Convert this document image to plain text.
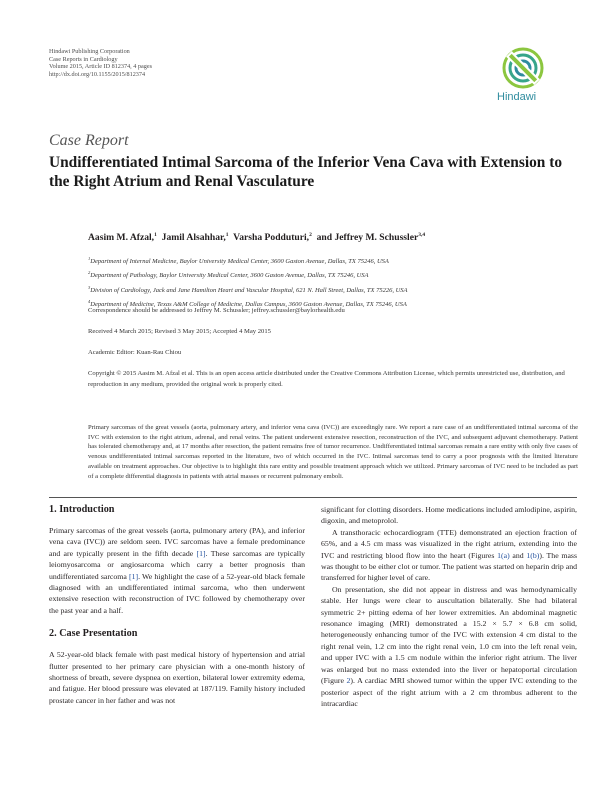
Hindawi Publishing Corporation
Case Reports in Cardiology
Volume 2015, Article ID 812374, 4 pages
http://dx.doi.org/10.1155/2015/812374
Hindawi
Case Report
Undifferentiated Intimal Sarcoma of the Inferior Vena Cava with Extension to the Right Atrium and Renal Vasculature
Aasim M. Afzal,$^1$ Jamil Alsahhar,$^1$ Varsha Podduturi,$^2$ and Jeffrey M. Schussler$^{3,4}$
$^1$Department of Internal Medicine, Baylor University Medical Center, 3600 Gaston Avenue, Dallas, TX 75246, USA
$^2$Department of Pathology, Baylor University Medical Center, 3600 Gaston Avenue, Dallas, TX 75246, USA
$^3$Division of Cardiology, Jack and Jane Hamilton Heart and Vascular Hospital, 621 N. Hall Street, Dallas, TX 75226, USA
$^4$Department of Medicine, Texas A&M College of Medicine, Dallas Campus, 3600 Gaston Avenue, Dallas, TX 75246, USA
Correspondence should be addressed to Jeffrey M. Schussler; jeffrey.schussler@baylorhealth.edu
Received 4 March 2015; Revised 3 May 2015; Accepted 4 May 2015
Academic Editor: Kuan-Rau Chiou
Copyright © 2015 Aasim M. Afzal et al. This is an open access article distributed under the Creative Commons Attribution License, which permits unrestricted use, distribution, and reproduction in any medium, provided the original work is properly cited.
Primary sarcomas of the great vessels (aorta, pulmonary artery, and inferior vena cava (IVC)) are exceedingly rare. We report a rare case of an undifferentiated intimal sarcoma of the IVC with extension to the right atrium, adrenal, and renal veins. The patient underwent extensive resection, reconstruction of the IVC, and subsequent adjuvant chemotherapy. Patient has tolerated chemotherapy and, at 17 months after resection, the patient remains free of tumor recurrence. Undifferentiated intimal sarcomas remain a rare entity with only five cases of venous undifferentiated intimal sarcomas reported in the literature, two of which occurred in the IVC. Intimal sarcomas tend to carry a poor prognosis with the limited literature available on treatment approaches. Our objective is to highlight this rare entity and possible treatment approach which we utilized. Primary sarcomas of IVC need to be included as part of a complete differential diagnosis in patients with atrial masses or recurrent pulmonary emboli.
1. Introduction

Primary sarcomas of the great vessels (aorta, pulmonary artery (PA), and inferior vena cava (IVC)) are seldom seen. IVC sarcomas have a female predominance and are typically present in the fifth decade [1]. These sarcomas are typically leiomyosarcoma or angiosarcoma which carry a better prognosis than undifferentiated sarcoma [1]. We highlight the case of a 52-year-old black female diagnosed with an undifferentiated intimal sarcoma, who then underwent extensive resection with reconstruction of IVC followed by chemotherapy over the past year and a half.

2. Case Presentation

A 52-year-old black female with past medical history of hypertension and atrial flutter presented to her primary care physician with a one-month history of shortness of breath, severe dyspnea on exertion, bilateral lower extremity edema, and fatigue. Her blood pressure was elevated at 187/119. Family history included prostate cancer in her father and was not

significant for clotting disorders. Home medications included amlodipine, aspirin, digoxin, and metoprolol.

A transthoracic echocardiogram (TTE) demonstrated an ejection fraction of 65%, and a 4.5 cm mass was visualized in the right atrium, extending into the IVC and restricting blood flow into the heart (Figures 1(a) and 1(b)). The mass was thought to be either clot or tumor. The patient was started on heparin drip and transferred for higher level of care.

On presentation, she did not appear in distress and was hemodynamically stable. Her lungs were clear to auscultation bilaterally. She had bilateral symmetric 2+ pitting edema of her lower extremities. An abdominal magnetic resonance imaging (MRI) demonstrated a 15.2 × 5.7 × 6.8 cm solid, heterogeneously enhancing tumor of the IVC with extension 4 cm distal to the right renal vein, 1.2 cm into the right renal vein, 1.0 cm into the left renal vein, and upper IVC with a 1.5 cm nodule within the inferior right atrium. The liver was enlarged but no mass extended into the liver or hepatoportal circulation (Figure 2). A cardiac MRI showed tumor within the upper IVC extending to the posterior aspect of the right atrium with a 2 cm thrombus adherent to the intracardiac
